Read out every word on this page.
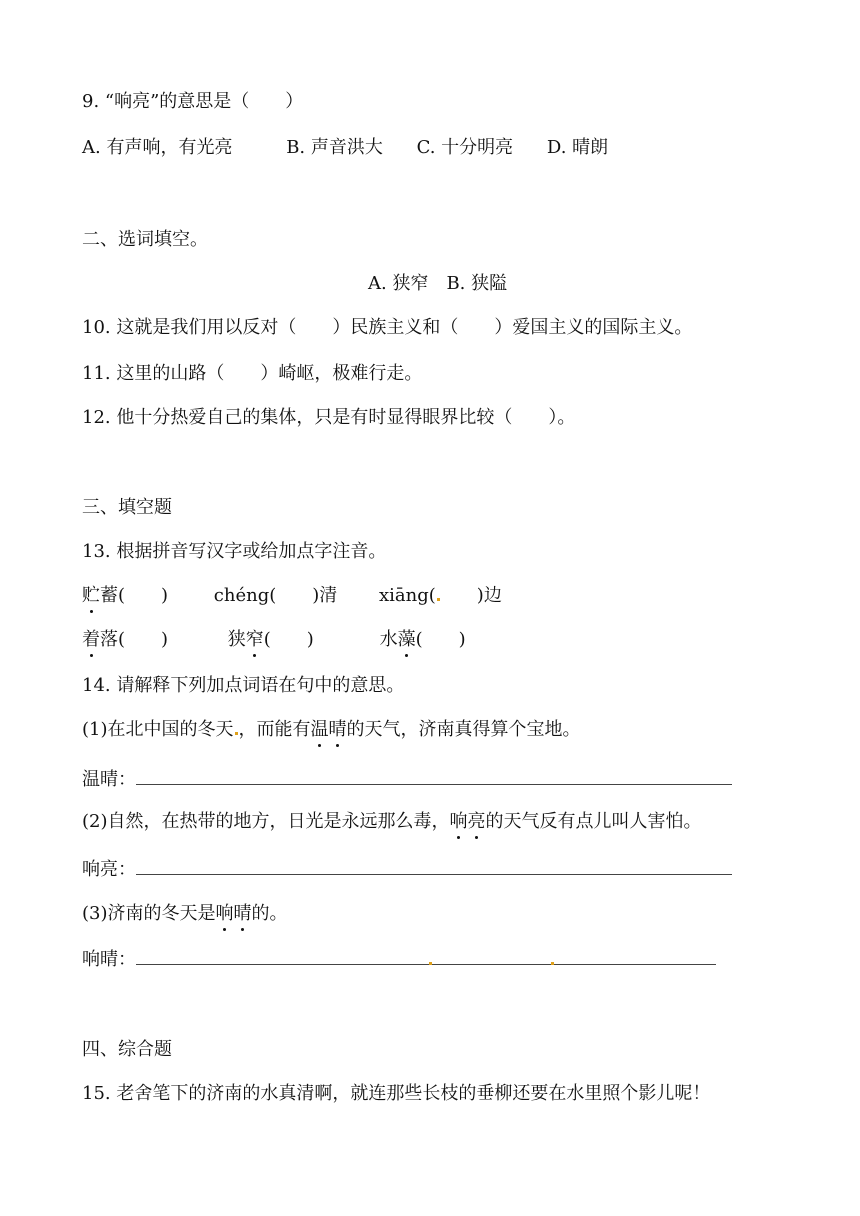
9. “响亮”的意思是（　　）
A. 有声响，有光亮	B. 声音洪大 C. 十分明亮 D. 晴朗
二、选词填空。
A. 狭窄　B. 狭隘
10. 这就是我们用以反对（　　）民族主义和（　　）爱国主义的国际主义。
11. 这里的山路（　　）崎岖，极难行走。
12. 他十分热爱自己的集体，只是有时显得眼界比较（　　）。
三、填空题
13. 根据拼音写汉字或给加点字注音。
贮蓄(　　)	chéng(　　)清 xiāng(　　)边
着落(　　)	狭窄(　　)	水藻(　　)
14. 请解释下列加点词语在句中的意思。
(1)在北中国的冬天 ，而能有温晴的天气，济南真得算个宝地。
温晴：
(2)自然，在热带的地方，日光是永远那么毒，响亮的天气反有点儿叫人害怕。
响亮：
(3)济南的冬天是响晴的。
响晴：
四、综合题
15. 老舍笔下的济南的水真清啊，就连那些长枝的垂柳还要在水里照个影儿呢！
